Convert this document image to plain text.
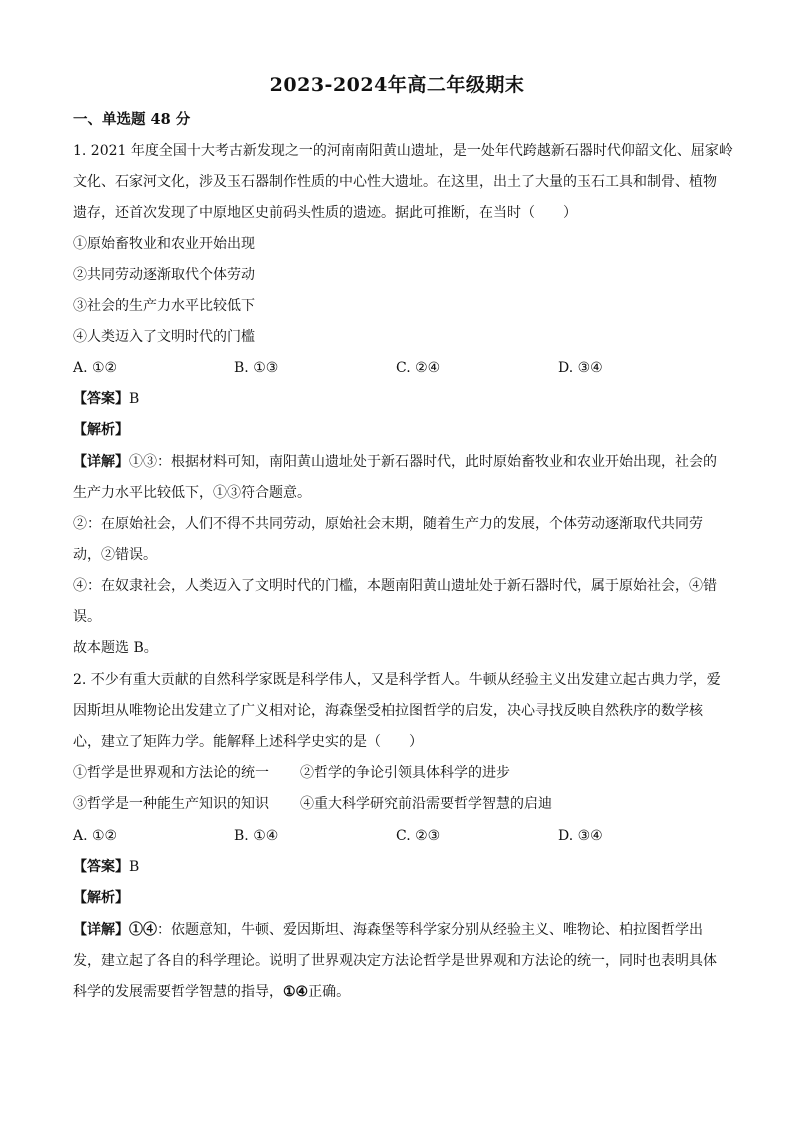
2023-2024年高二年级期末
一、单选题 48 分
1. 2021 年度全国十大考古新发现之一的河南南阳黄山遗址，是一处年代跨越新石器时代仰韶文化、屈家岭
文化、石家河文化，涉及玉石器制作性质的中心性大遗址。在这里，出土了大量的玉石工具和制骨、植物
遗存，还首次发现了中原地区史前码头性质的遗迹。据此可推断，在当时（　　）
①原始畜牧业和农业开始出现
②共同劳动逐渐取代个体劳动
③社会的生产力水平比较低下
④人类迈入了文明时代的门槛
A. ①②	B. ①③	C. ②④	D. ③④
【答案】B
【解析】
【详解】①③：根据材料可知，南阳黄山遗址处于新石器时代，此时原始畜牧业和农业开始出现，社会的
生产力水平比较低下，①③符合题意。
②：在原始社会，人们不得不共同劳动，原始社会末期，随着生产力的发展，个体劳动逐渐取代共同劳
动，②错误。
④：在奴隶社会，人类迈入了文明时代的门槛，本题南阳黄山遗址处于新石器时代，属于原始社会，④错
误。
故本题选 B。
2. 不少有重大贡献的自然科学家既是科学伟人，又是科学哲人。牛顿从经验主义出发建立起古典力学，爱
因斯坦从唯物论出发建立了广义相对论，海森堡受柏拉图哲学的启发，决心寻找反映自然秩序的数学核
心，建立了矩阵力学。能解释上述科学史实的是（　　）
①哲学是世界观和方法论的统一 ②哲学的争论引领具体科学的进步
③哲学是一种能生产知识的知识 ④重大科学研究前沿需要哲学智慧的启迪
A. ①②	B. ①④	C. ②③	D. ③④
【答案】B
【解析】
【详解】①④：依题意知，牛顿、爱因斯坦、海森堡等科学家分别从经验主义、唯物论、柏拉图哲学出
发，建立起了各自的科学理论。说明了世界观决定方法论哲学是世界观和方法论的统一，同时也表明具体
科学的发展需要哲学智慧的指导，①④正确。
